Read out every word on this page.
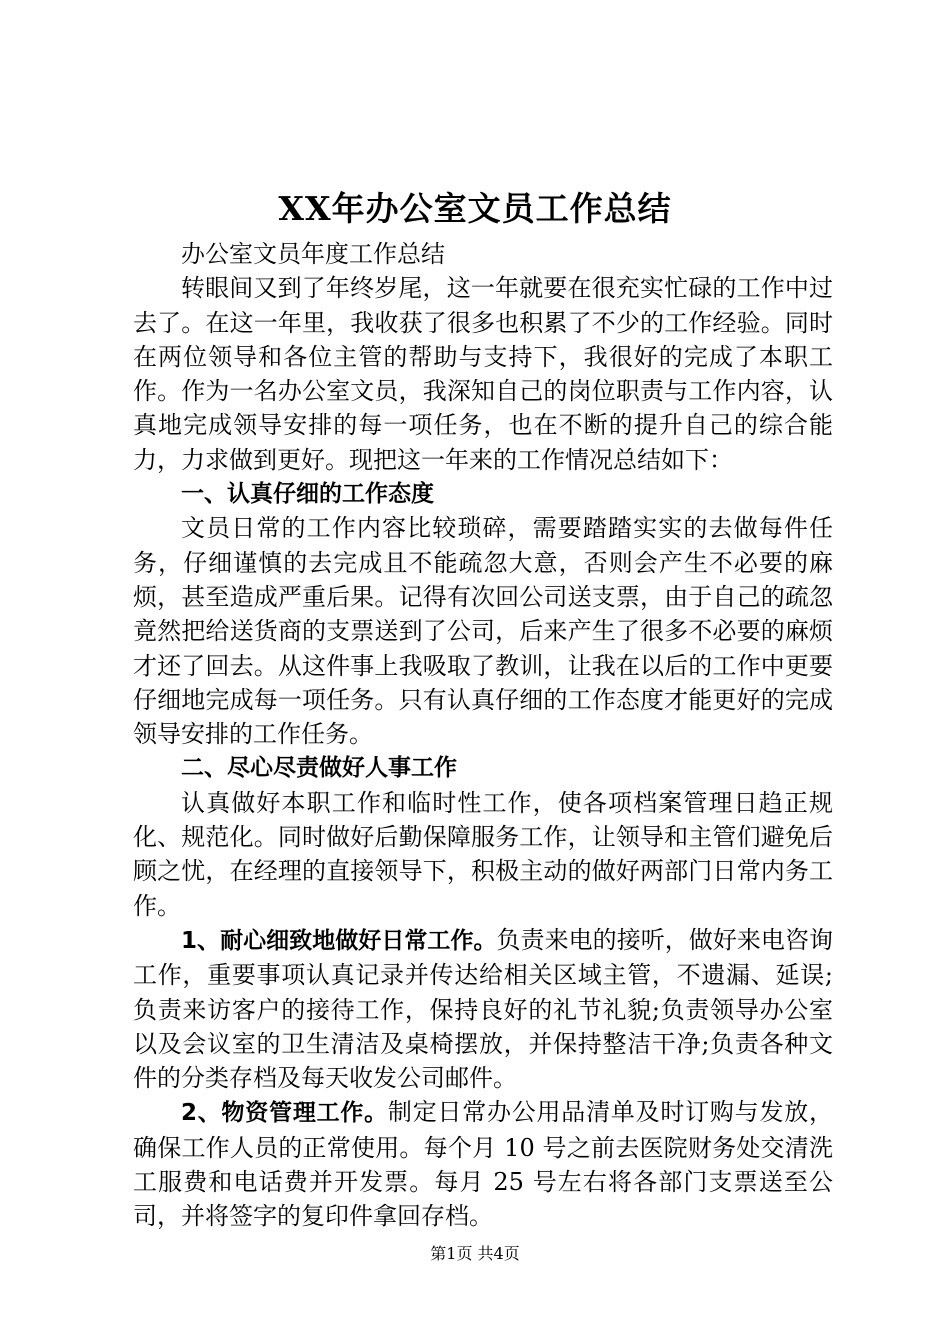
XX年办公室文员工作总结

办公室文员年度工作总结

转眼间又到了年终岁尾，这一年就要在很充实忙碌的工作中过去了。在这一年里，我收获了很多也积累了不少的工作经验。同时在两位领导和各位主管的帮助与支持下，我很好的完成了本职工作。作为一名办公室文员，我深知自己的岗位职责与工作内容，认真地完成领导安排的每一项任务，也在不断的提升自己的综合能力，力求做到更好。现把这一年来的工作情况总结如下：

一、认真仔细的工作态度

文员日常的工作内容比较琐碎，需要踏踏实实的去做每件任务，仔细谨慎的去完成且不能疏忽大意，否则会产生不必要的麻烦，甚至造成严重后果。记得有次回公司送支票，由于自己的疏忽竟然把给送货商的支票送到了公司，后来产生了很多不必要的麻烦才还了回去。从这件事上我吸取了教训，让我在以后的工作中更要仔细地完成每一项任务。只有认真仔细的工作态度才能更好的完成领导安排的工作任务。

二、尽心尽责做好人事工作

认真做好本职工作和临时性工作，使各项档案管理日趋正规化、规范化。同时做好后勤保障服务工作，让领导和主管们避免后顾之忧，在经理的直接领导下，积极主动的做好两部门日常内务工作。

1、耐心细致地做好日常工作。负责来电的接听，做好来电咨询工作，重要事项认真记录并传达给相关区域主管，不遗漏、延误;负责来访客户的接待工作，保持良好的礼节礼貌;负责领导办公室以及会议室的卫生清洁及桌椅摆放，并保持整洁干净;负责各种文件的分类存档及每天收发公司邮件。

2、物资管理工作。制定日常办公用品清单及时订购与发放，确保工作人员的正常使用。每个月 10 号之前去医院财务处交清洗工服费和电话费并开发票。每月 25 号左右将各部门支票送至公司，并将签字的复印件拿回存档。

第1页 共4页
